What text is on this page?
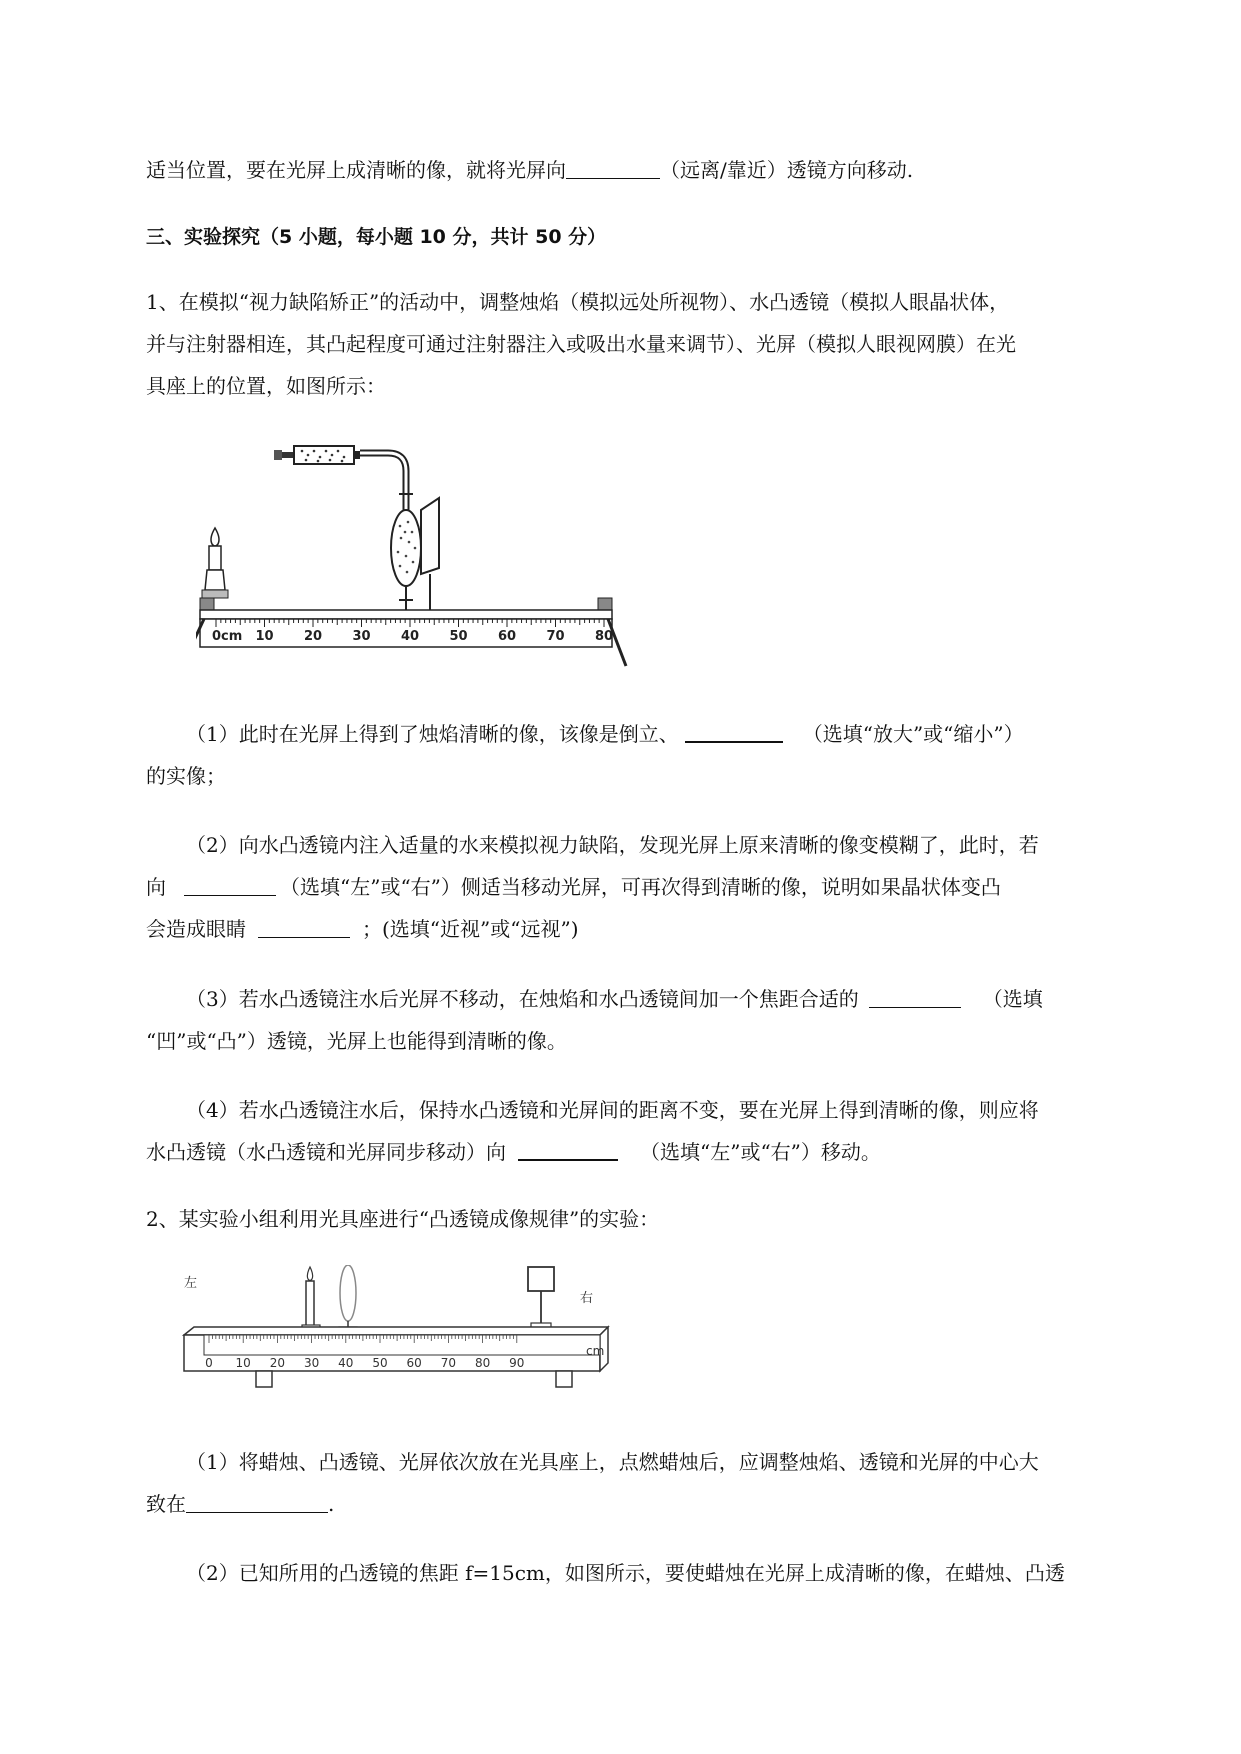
适当位置，要在光屏上成清晰的像，就将光屏向	（远离/靠近）透镜方向移动.
三、实验探究（5 小题，每小题 10 分，共计 50 分）
1、在模拟“视力缺陷矫正”的活动中，调整烛焰（模拟远处所视物）、水凸透镜（模拟人眼晶状体，
并与注射器相连，其凸起程度可通过注射器注入或吸出水量来调节）、光屏（模拟人眼视网膜）在光
具座上的位置，如图所示：
0cm 10 20 30 40 50 60 70 80
（1）此时在光屏上得到了烛焰清晰的像，该像是倒立、	（选填“放大”或“缩小”）
的实像；
（2）向水凸透镜内注入适量的水来模拟视力缺陷，发现光屏上原来清晰的像变模糊了，此时，若
向	（选填“左”或“右”）侧适当移动光屏，可再次得到清晰的像，说明如果晶状体变凸
会造成眼睛	；(选填“近视”或“远视”)
（3）若水凸透镜注水后光屏不移动，在烛焰和水凸透镜间加一个焦距合适的	（选填
“凹”或“凸”）透镜，光屏上也能得到清晰的像。
（4）若水凸透镜注水后，保持水凸透镜和光屏间的距离不变，要在光屏上得到清晰的像，则应将
水凸透镜（水凸透镜和光屏同步移动）向	（选填“左”或“右”）移动。
2、某实验小组利用光具座进行“凸透镜成像规律”的实验：
左
右
0 10 20 30 40 50 60 70 80 90
cm
（1）将蜡烛、凸透镜、光屏依次放在光具座上，点燃蜡烛后，应调整烛焰、透镜和光屏的中心大
致在	.
（2）已知所用的凸透镜的焦距 f=15cm，如图所示，要使蜡烛在光屏上成清晰的像，在蜡烛、凸透
